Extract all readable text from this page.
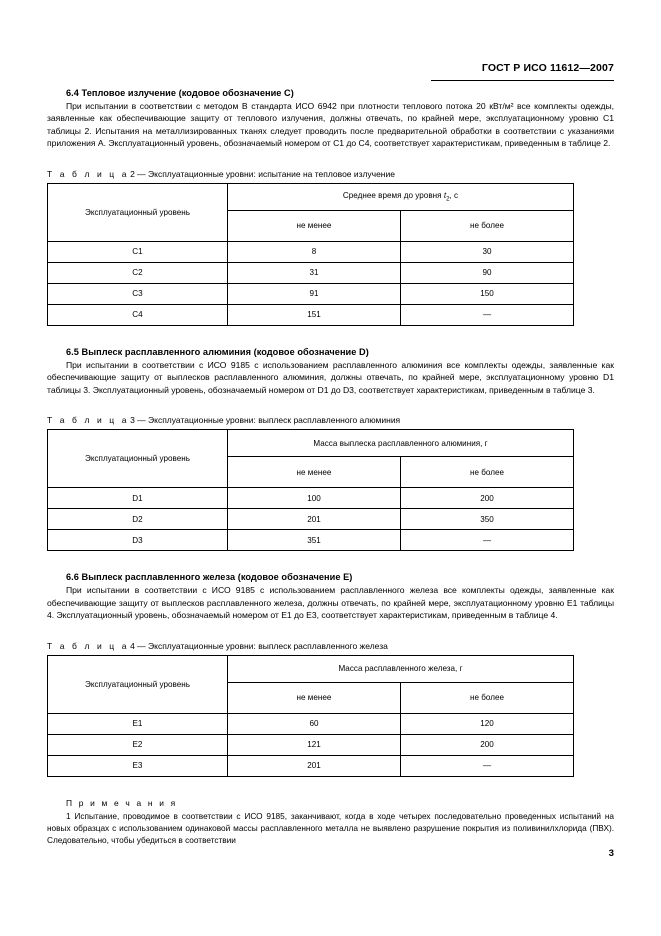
ГОСТ Р ИСО 11612—2007
6.4 Тепловое излучение (кодовое обозначение C)

При испытании в соответствии с методом B стандарта ИСО 6942 при плотности теплового потока 20 кВт/м² все комплекты одежды, заявленные как обеспечивающие защиту от теплового излучения, должны отвечать, по крайней мере, эксплуатационному уровню C1 таблицы 2. Испытания на металлизированных тканях следует проводить после предварительной обработки в соответствии с указаниями приложения A. Эксплуатационный уровень, обозначаемый номером от C1 до C4, соответствует характеристикам, приведенным в таблице 2.

Т а б л и ц а2 — Эксплуатационные уровни: испытание на тепловое излучение
Эксплуатационный уровень	Среднее время до уровня $t_2$, с	
	не менее	не более
C1	8	30
C2	31	90
C3	91	150
C4	151	—
6.5 Выплеск расплавленного алюминия (кодовое обозначение D)

При испытании в соответствии с ИСО 9185 с использованием расплавленного алюминия все комплекты одежды, заявленные как обеспечивающие защиту от выплесков расплавленного алюминия, должны отвечать, по крайней мере, эксплуатационному уровню D1 таблицы 3. Эксплуатационный уровень, обозначаемый номером от D1 до D3, соответствует характеристикам, приведенным в таблице 3.

Т а б л и ц а3 — Эксплуатационные уровни: выплеск расплавленного алюминия
Эксплуатационный уровень	Масса выплеска расплавленного алюминия, г	
	не менее	не более
D1	100	200
D2	201	350
D3	351	—
6.6 Выплеск расплавленного железа (кодовое обозначение E)

При испытании в соответствии с ИСО 9185 с использованием расплавленного железа все комплекты одежды, заявленные как обеспечивающие защиту от выплесков расплавленного железа, должны отвечать, по крайней мере, эксплуатационному уровню E1 таблицы 4. Эксплуатационный уровень, обозначаемый номером от E1 до E3, соответствует характеристикам, приведенным в таблице 4.

Т а б л и ц а4 — Эксплуатационные уровни: выплеск расплавленного железа
Эксплуатационный уровень	Масса расплавленного железа, г	
	не менее	не более
E1	60	120
E2	121	200
E3	201	—
П р и м е ч а н и я

1 Испытание, проводимое в соответствии с ИСО 9185, заканчивают, когда в ходе четырех последовательно проведенных испытаний на новых образцах с использованием одинаковой массы расплавленного металла не выявлено разрушение покрытия из поливинилхлорида (ПВХ). Следовательно, чтобы убедиться в соответствии

3
